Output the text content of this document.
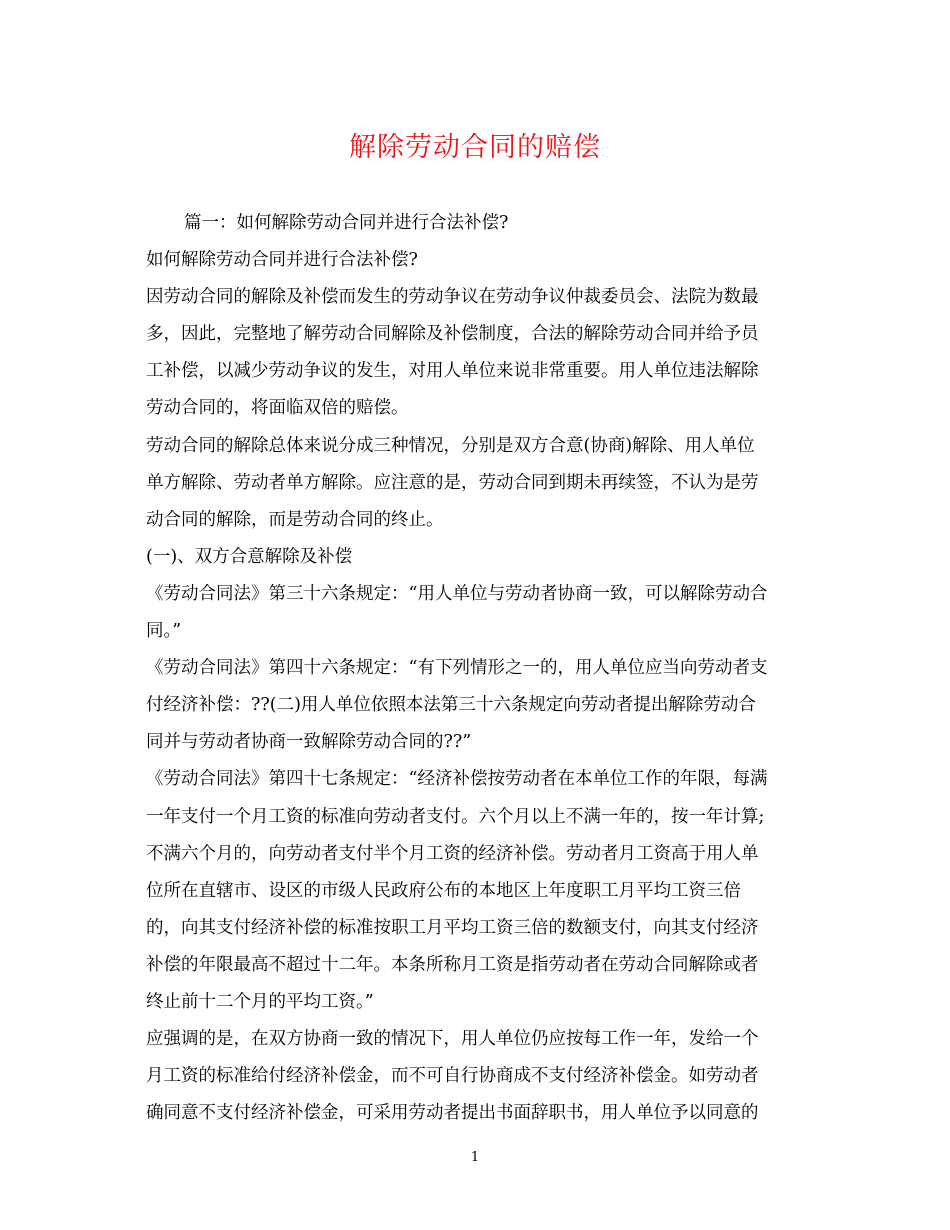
解除劳动合同的赔偿
篇一：如何解除劳动合同并进行合法补偿?
如何解除劳动合同并进行合法补偿?
因劳动合同的解除及补偿而发生的劳动争议在劳动争议仲裁委员会、法院为数最
多，因此，完整地了解劳动合同解除及补偿制度，合法的解除劳动合同并给予员
工补偿，以减少劳动争议的发生，对用人单位来说非常重要。用人单位违法解除
劳动合同的，将面临双倍的赔偿。
劳动合同的解除总体来说分成三种情况，分别是双方合意(协商)解除、用人单位
单方解除、劳动者单方解除。应注意的是，劳动合同到期未再续签，不认为是劳
动合同的解除，而是劳动合同的终止。
(一)、双方合意解除及补偿
《劳动合同法》第三十六条规定：“用人单位与劳动者协商一致，可以解除劳动合
同。”
《劳动合同法》第四十六条规定：“有下列情形之一的，用人单位应当向劳动者支
付经济补偿：??(二)用人单位依照本法第三十六条规定向劳动者提出解除劳动合
同并与劳动者协商一致解除劳动合同的??”
《劳动合同法》第四十七条规定：“经济补偿按劳动者在本单位工作的年限，每满
一年支付一个月工资的标准向劳动者支付。六个月以上不满一年的，按一年计算;
不满六个月的，向劳动者支付半个月工资的经济补偿。劳动者月工资高于用人单
位所在直辖市、设区的市级人民政府公布的本地区上年度职工月平均工资三倍
的，向其支付经济补偿的标准按职工月平均工资三倍的数额支付，向其支付经济
补偿的年限最高不超过十二年。本条所称月工资是指劳动者在劳动合同解除或者
终止前十二个月的平均工资。”
应强调的是，在双方协商一致的情况下，用人单位仍应按每工作一年，发给一个
月工资的标准给付经济补偿金，而不可自行协商成不支付经济补偿金。如劳动者
确同意不支付经济补偿金，可采用劳动者提出书面辞职书，用人单位予以同意的
1
